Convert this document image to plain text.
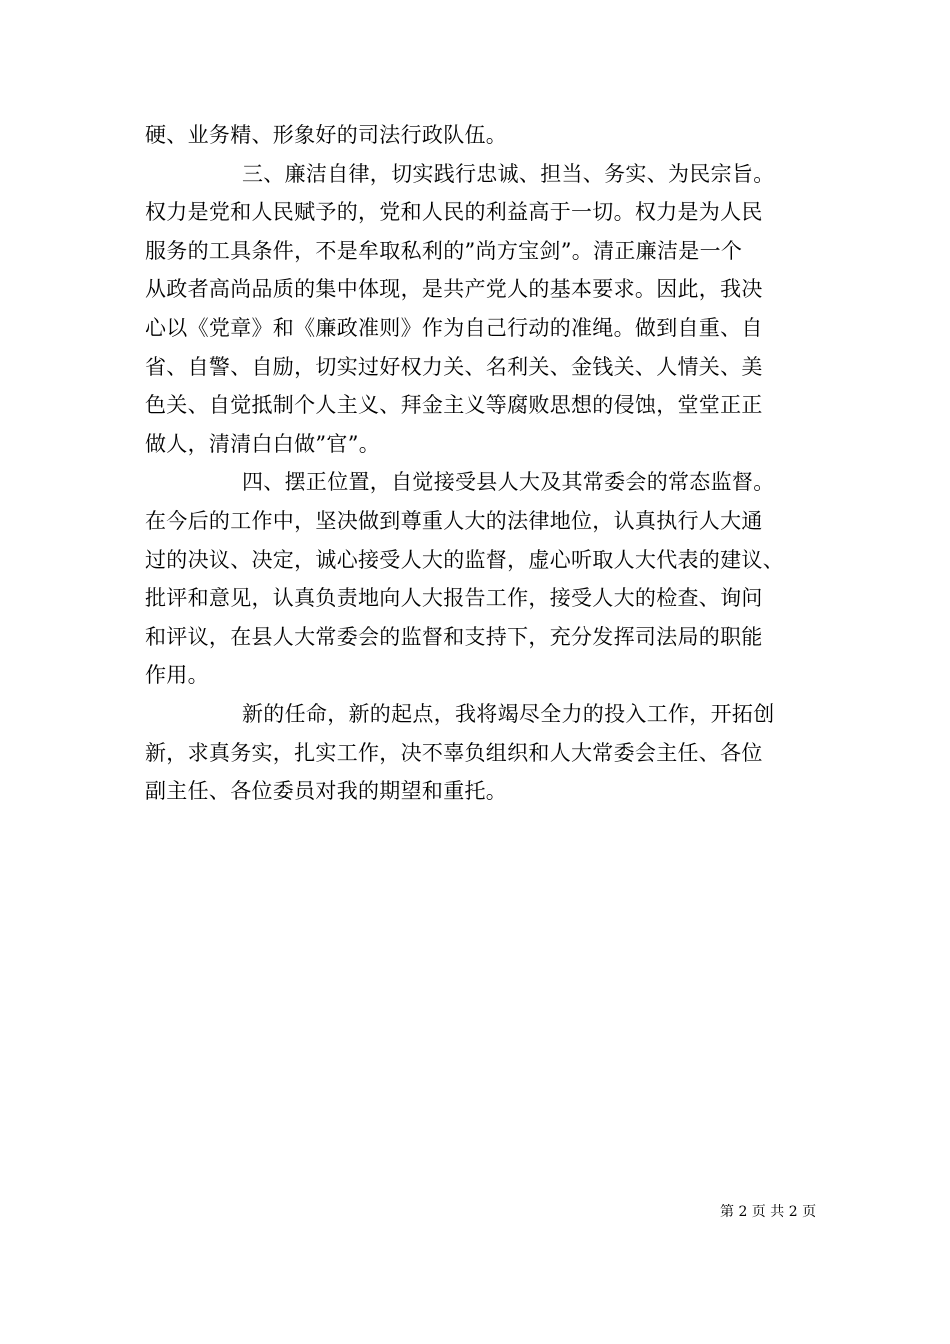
硬、业务精、形象好的司法行政队伍。
三、廉洁自律，切实践行忠诚、担当、务实、为民宗旨。
权力是党和人民赋予的，党和人民的利益高于一切。权力是为人民
服务的工具条件，不是牟取私利的”尚方宝剑”。清正廉洁是一个
从政者高尚品质的集中体现，是共产党人的基本要求。因此，我决
心以《党章》和《廉政准则》作为自己行动的准绳。做到自重、自
省、自警、自励，切实过好权力关、名利关、金钱关、人情关、美
色关、自觉抵制个人主义、拜金主义等腐败思想的侵蚀，堂堂正正
做人，清清白白做”官”。
四、摆正位置，自觉接受县人大及其常委会的常态监督。
在今后的工作中，坚决做到尊重人大的法律地位，认真执行人大通
过的决议、决定，诚心接受人大的监督，虚心听取人大代表的建议、
批评和意见，认真负责地向人大报告工作，接受人大的检查、询问
和评议，在县人大常委会的监督和支持下，充分发挥司法局的职能
作用。
新的任命，新的起点，我将竭尽全力的投入工作，开拓创
新，求真务实，扎实工作，决不辜负组织和人大常委会主任、各位
副主任、各位委员对我的期望和重托。
第 2 页 共 2 页
